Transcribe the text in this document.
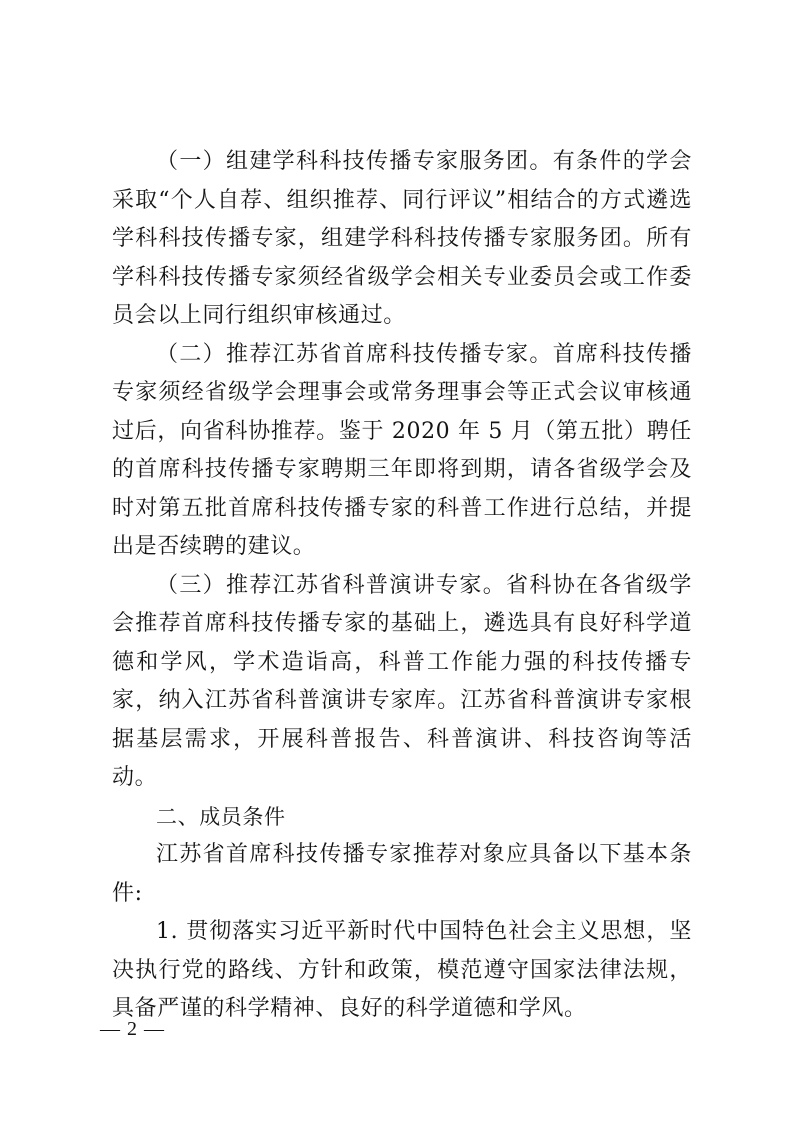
（一）组建学科科技传播专家服务团。有条件的学会采取“个人自荐、组织推荐、同行评议”相结合的方式遴选学科科技传播专家，组建学科科技传播专家服务团。所有学科科技传播专家须经省级学会相关专业委员会或工作委员会以上同行组织审核通过。

（二）推荐江苏省首席科技传播专家。首席科技传播专家须经省级学会理事会或常务理事会等正式会议审核通过后，向省科协推荐。鉴于 2020 年 5 月（第五批）聘任的首席科技传播专家聘期三年即将到期，请各省级学会及时对第五批首席科技传播专家的科普工作进行总结，并提出是否续聘的建议。

（三）推荐江苏省科普演讲专家。省科协在各省级学会推荐首席科技传播专家的基础上，遴选具有良好科学道德和学风，学术造诣高，科普工作能力强的科技传播专家，纳入江苏省科普演讲专家库。江苏省科普演讲专家根据基层需求，开展科普报告、科普演讲、科技咨询等活动。

二、成员条件

江苏省首席科技传播专家推荐对象应具备以下基本条件:

1. 贯彻落实习近平新时代中国特色社会主义思想，坚决执行党的路线、方针和政策，模范遵守国家法律法规，具备严谨的科学精神、良好的科学道德和学风。

— 2 —
